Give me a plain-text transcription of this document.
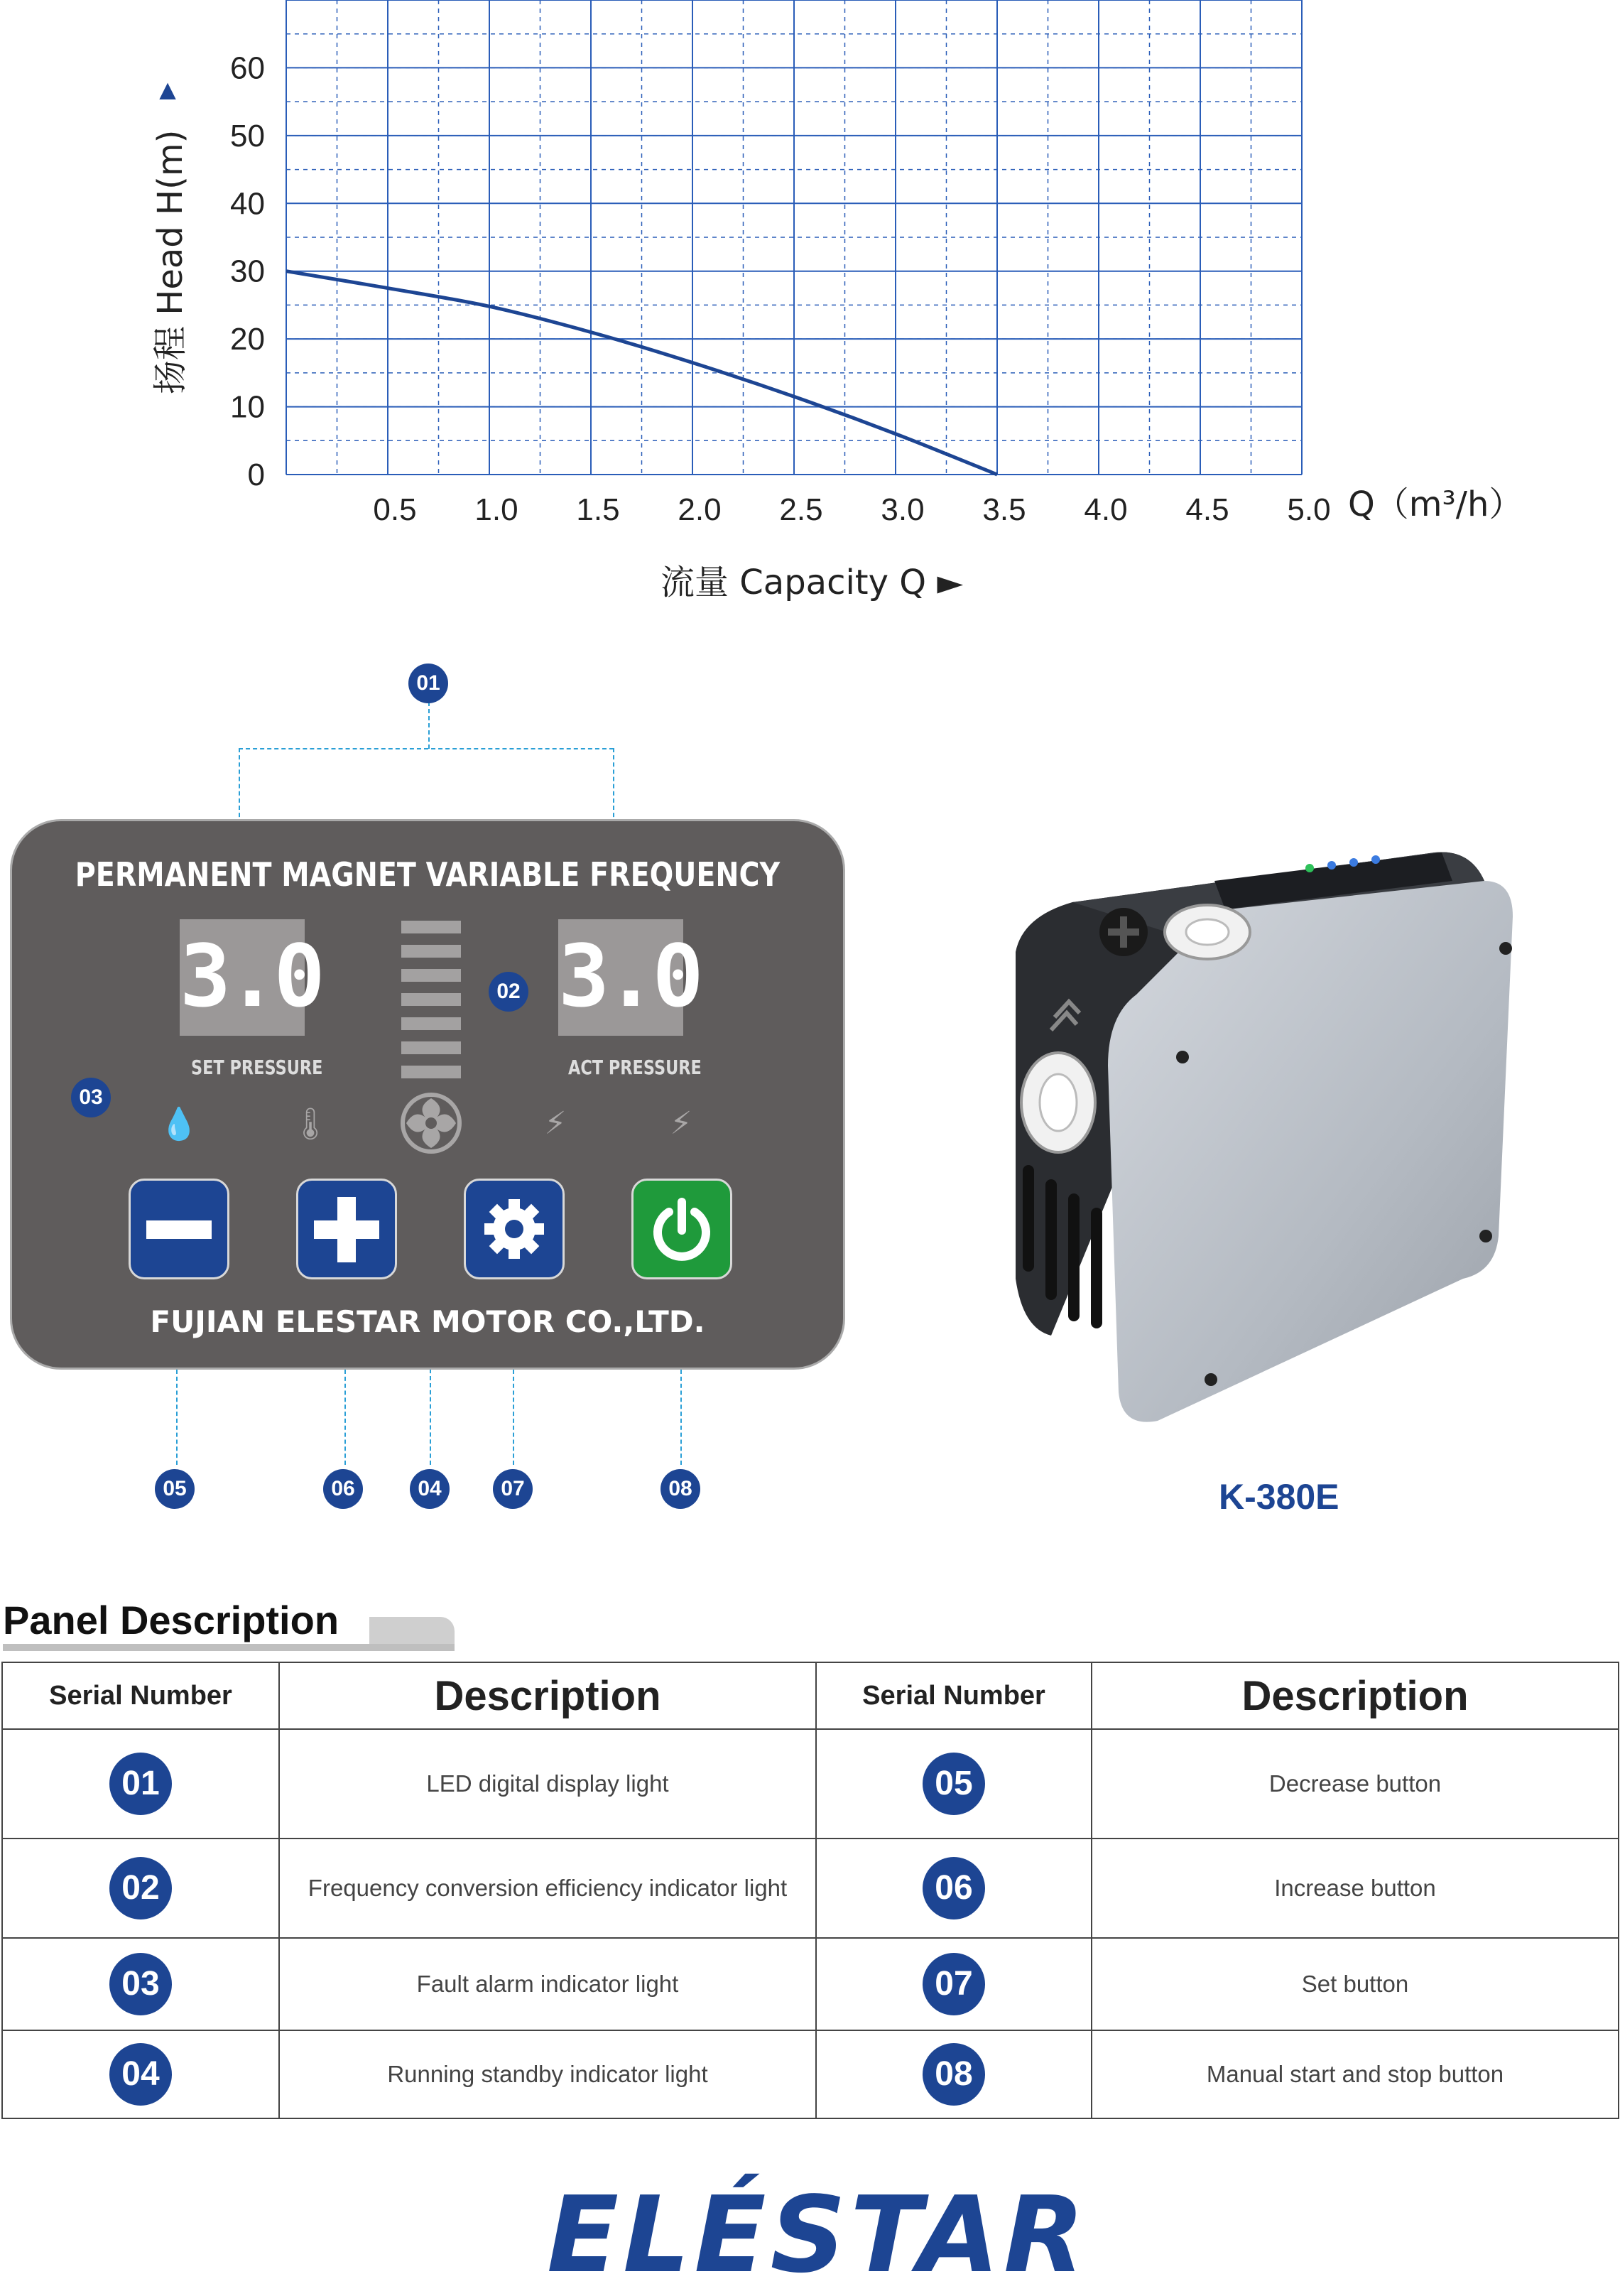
0
10
20
30
40
50
60
0.5 1.0 1.5 2.0 2.5 3.0 3.5 4.0 4.5 5.0
▲
扬程 Head H(m)
Q（m³/h）
流量 Capacity Q ►
PERMANENT MAGNET VARIABLE FREQUENCY
3.0
SET PRESSURE
3.0
ACT PRESSURE
💧	🌡	⚡	⚡
FUJIAN ELESTAR MOTOR CO.,LTD.
01
02
03
05	06	04	07	08	K-380E
Panel Description
Serial Number	Description	Serial Number	Description

01	LED digital display light	05	Decrease button

02	Frequency conversion efficiency indicator light	06	Increase button

03	Fault alarm indicator light	07	Set button

04	Running standby indicator light	08	Manual start and stop button
ELÉSTAR
